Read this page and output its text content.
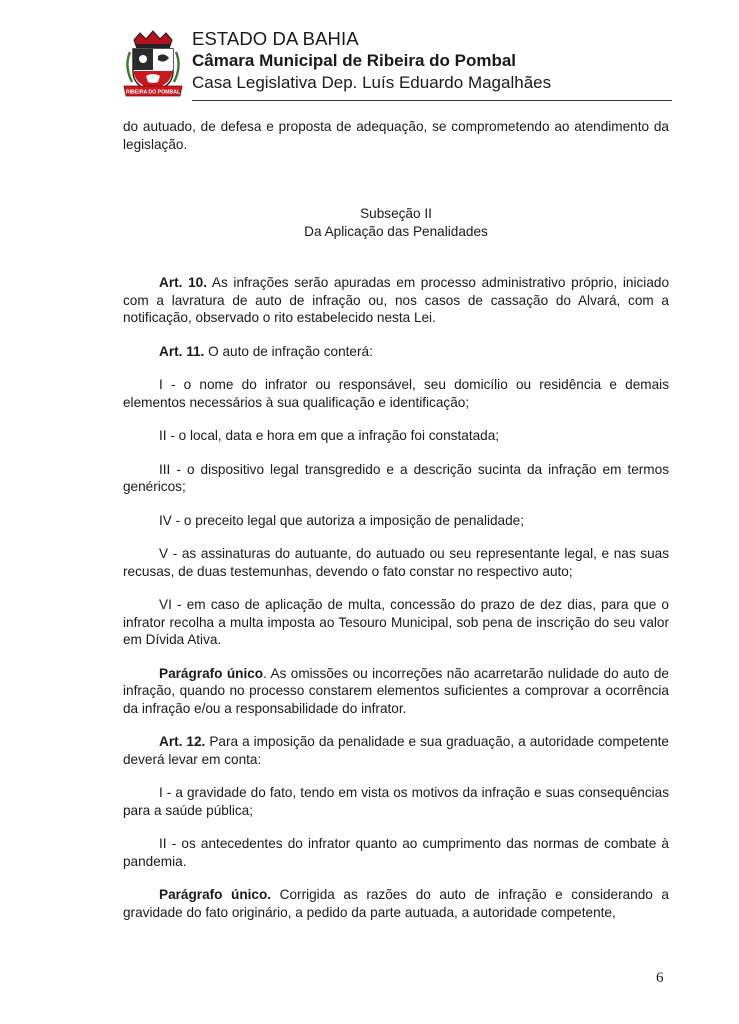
RIBEIRA DO POMBAL
ESTADO DA BAHIA
Câmara Municipal de Ribeira do Pombal
Casa Legislativa Dep. Luís Eduardo Magalhães

do autuado, de defesa e proposta de adequação, se comprometendo ao atendimento da legislação.

Subseção II
Da Aplicação das Penalidades

Art. 10. As infrações serão apuradas em processo administrativo próprio, iniciado com a lavratura de auto de infração ou, nos casos de cassação do Alvará, com a notificação, observado o rito estabelecido nesta Lei.

Art. 11. O auto de infração conterá:

I - o nome do infrator ou responsável, seu domicílio ou residência e demais elementos necessários à sua qualificação e identificação;

II - o local, data e hora em que a infração foi constatada;

III - o dispositivo legal transgredido e a descrição sucinta da infração em termos genéricos;

IV - o preceito legal que autoriza a imposição de penalidade;

V - as assinaturas do autuante, do autuado ou seu representante legal, e nas suas recusas, de duas testemunhas, devendo o fato constar no respectivo auto;

VI - em caso de aplicação de multa, concessão do prazo de dez dias, para que o infrator recolha a multa imposta ao Tesouro Municipal, sob pena de inscrição do seu valor em Dívida Ativa.

Parágrafo único. As omissões ou incorreções não acarretarão nulidade do auto de infração, quando no processo constarem elementos suficientes a comprovar a ocorrência da infração e/ou a responsabilidade do infrator.

Art. 12. Para a imposição da penalidade e sua graduação, a autoridade competente deverá levar em conta:

I - a gravidade do fato, tendo em vista os motivos da infração e suas consequências para a saúde pública;

II - os antecedentes do infrator quanto ao cumprimento das normas de combate à pandemia.

Parágrafo único. Corrigida as razões do auto de infração e considerando a gravidade do fato originário, a pedido da parte autuada, a autoridade competente,

6
